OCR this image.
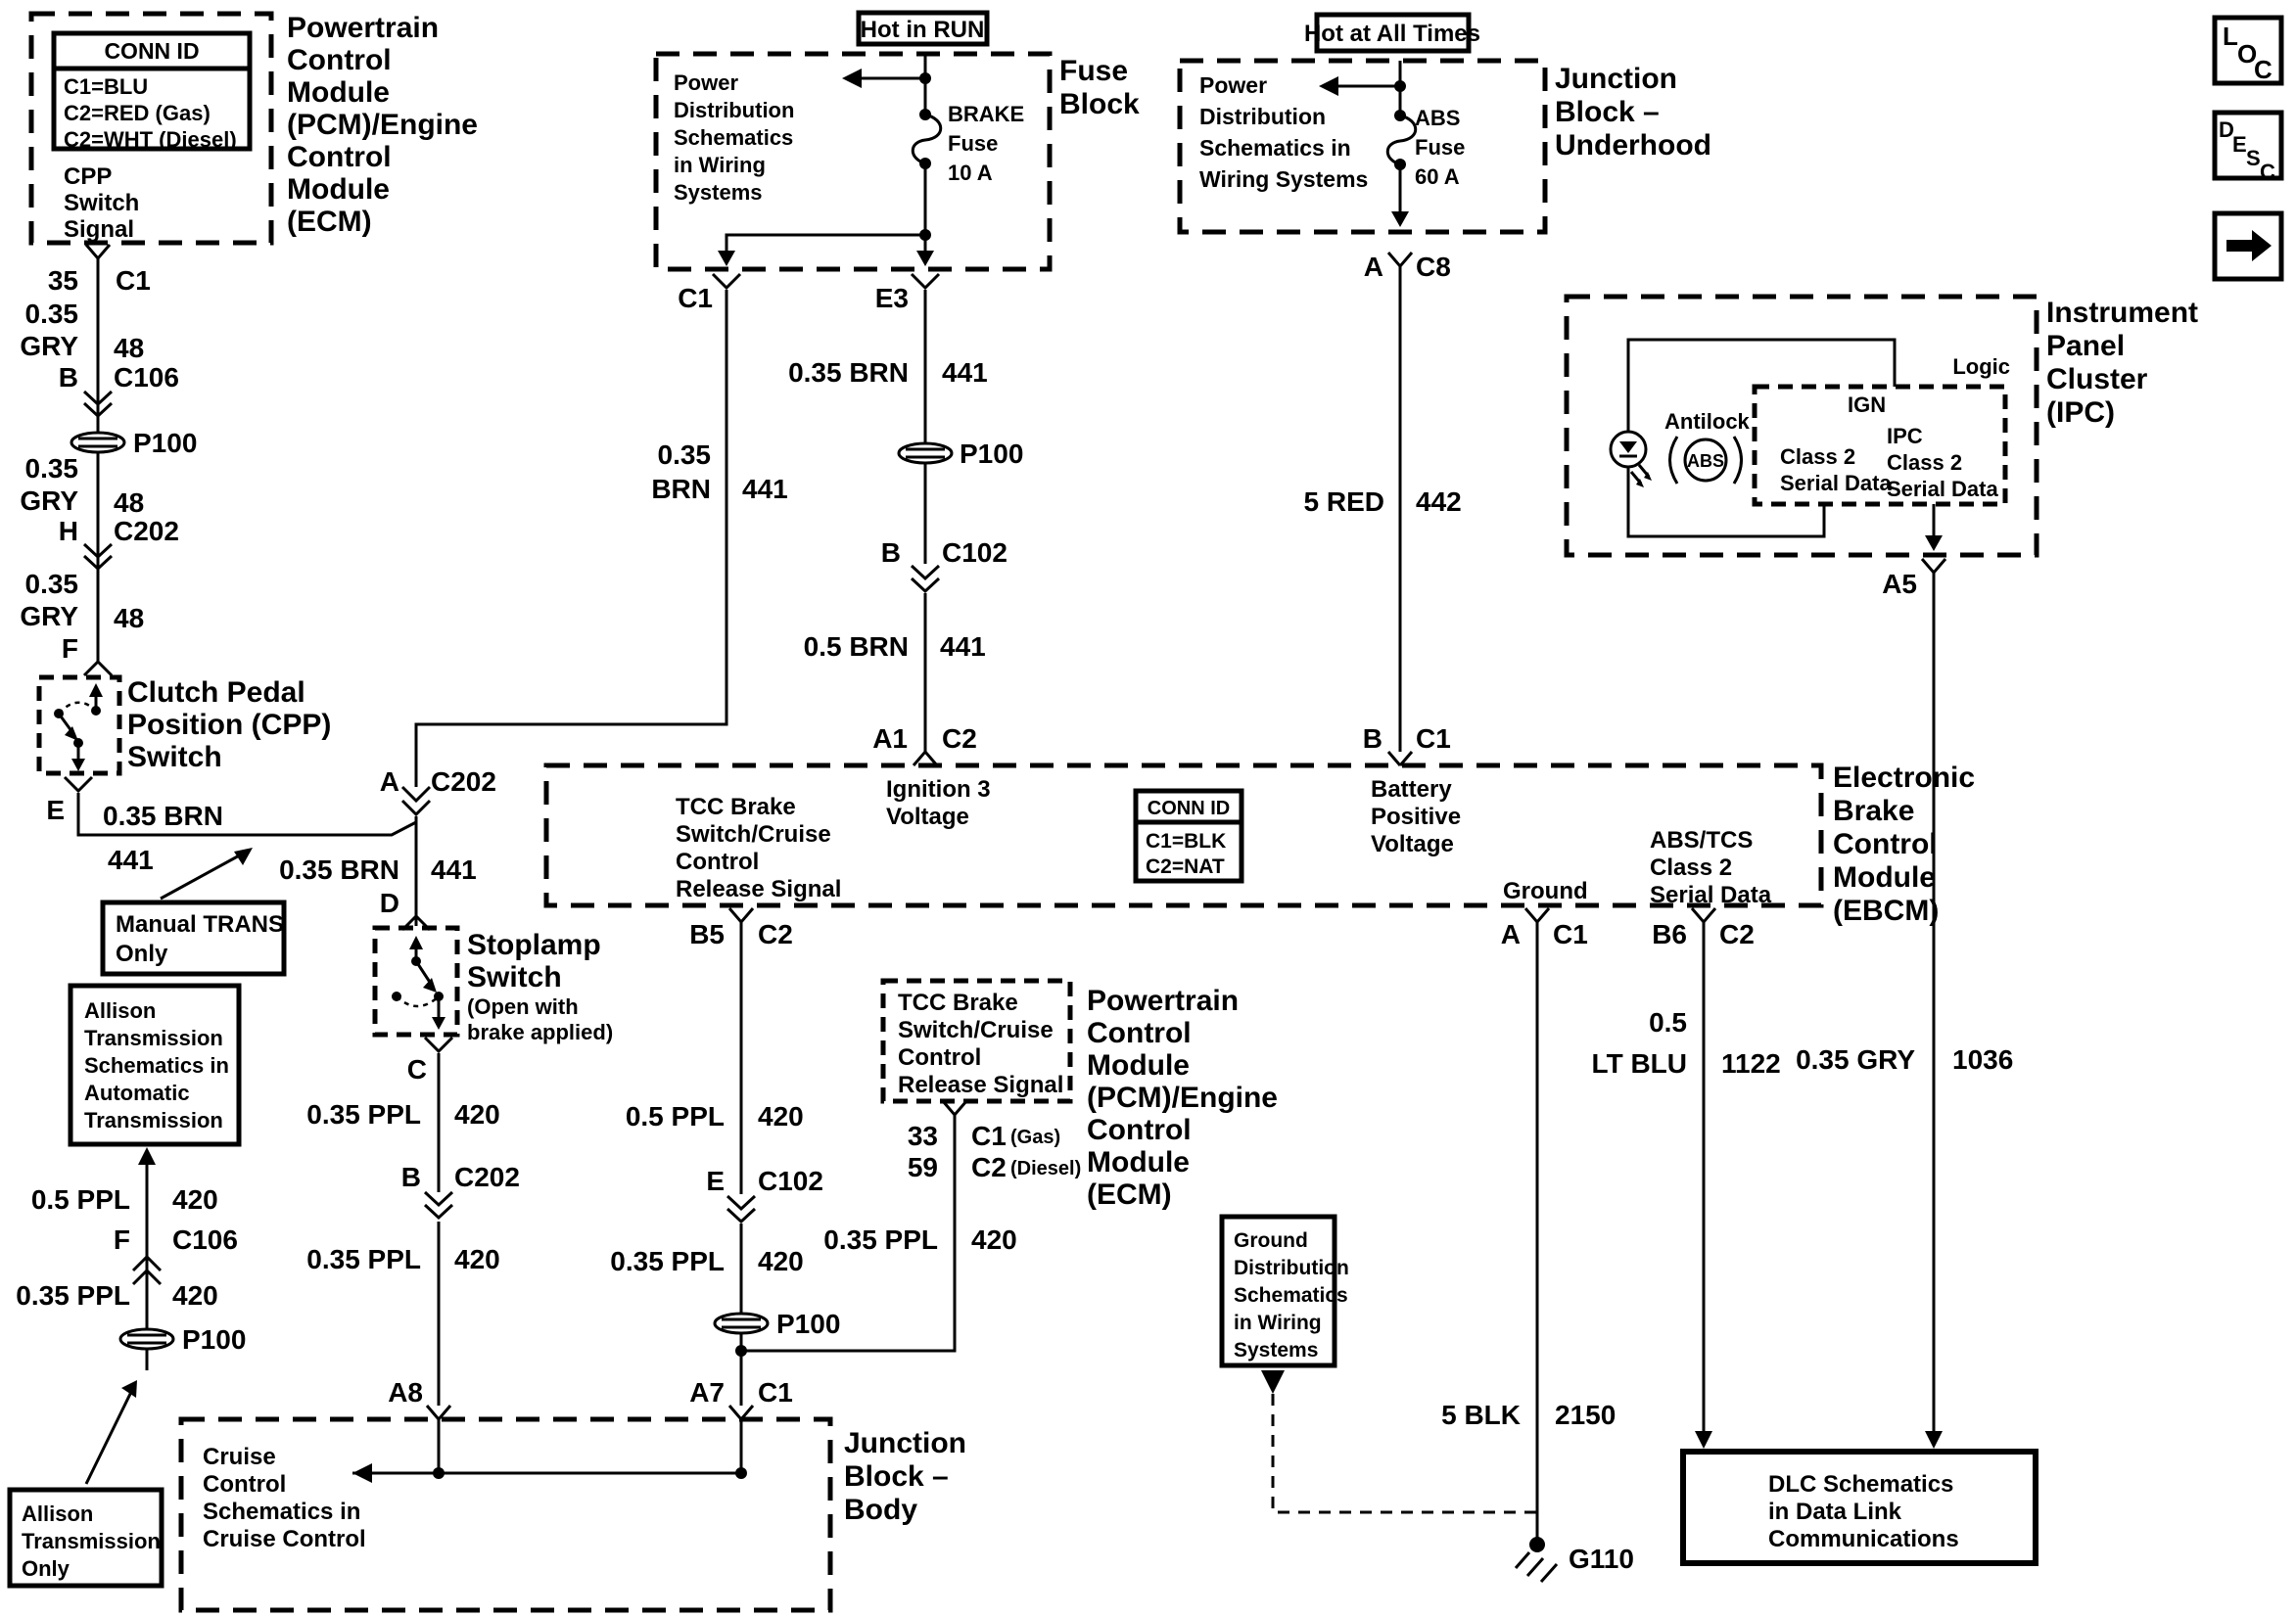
CONN ID
C1=BLU C2=RED (Gas) C2=WHT (Diesel)
CPP Switch Signal
Powertrain Control Module (PCM)/Engine Control Module (ECM)
35 C1
0.35
GRY 48
B C106
P100
0.35
GRY 48
H C202
0.35
GRY 48
F
Clutch Pedal Position (CPP) Switch
E 0.35 BRN
441
Manual TRANS Only
A C202
0.35 BRN 441
D
Stoplamp
Switch
(Open with
brake applied)
C
0.35 PPL 420
B C202
0.35 PPL 420
A8
Allison Transmission Schematics in Automatic Transmission
0.5 PPL 420
F C106
0.35 PPL 420
P100
Allison Transmission Only
Hot in RUN
Fuse Block
Power Distribution Schematics in Wiring Systems
BRAKE Fuse 10 A
C1	E3
0.35
BRN 441
0.35 BRN 441
P100
B C102
0.5 BRN 441
A1 C2
Hot at All Times
Junction Block – Underhood
Power Distribution Schematics in Wiring Systems
ABS Fuse 60 A
A C8
5 RED 442
B C1
Instrument Panel Cluster (IPC)
Logic
IGN
Antilock
ABS	Class 2 Serial Data
IPC Class 2 Serial Data
A5
0.35 GRY 1036
Electronic Brake Control Module (EBCM)
TCC Brake Switch/Cruise Control Release Signal
Ignition 3 Voltage	CONN ID
C1=BLK C2=NAT
Battery Positive Voltage
Ground
ABS/TCS Class 2 Serial Data
B5 C2	A C1 B6 C2
0.5 PPL 420
E C102
0.35 PPL 420
P100
A7 C1
TCC Brake Switch/Cruise Control Release Signal
Powertrain Control Module (PCM)/Engine Control Module (ECM)
33 C1 (Gas)
59 C2 (Diesel)
0.35 PPL 420
Cruise Control Schematics in Cruise Control
Junction Block – Body
Ground Distribution Schematics in Wiring Systems
5 BLK 2150
G110
0.5
LT BLU 1122
DLC Schematics in Data Link Communications
L
O
C
D
E
S
C
